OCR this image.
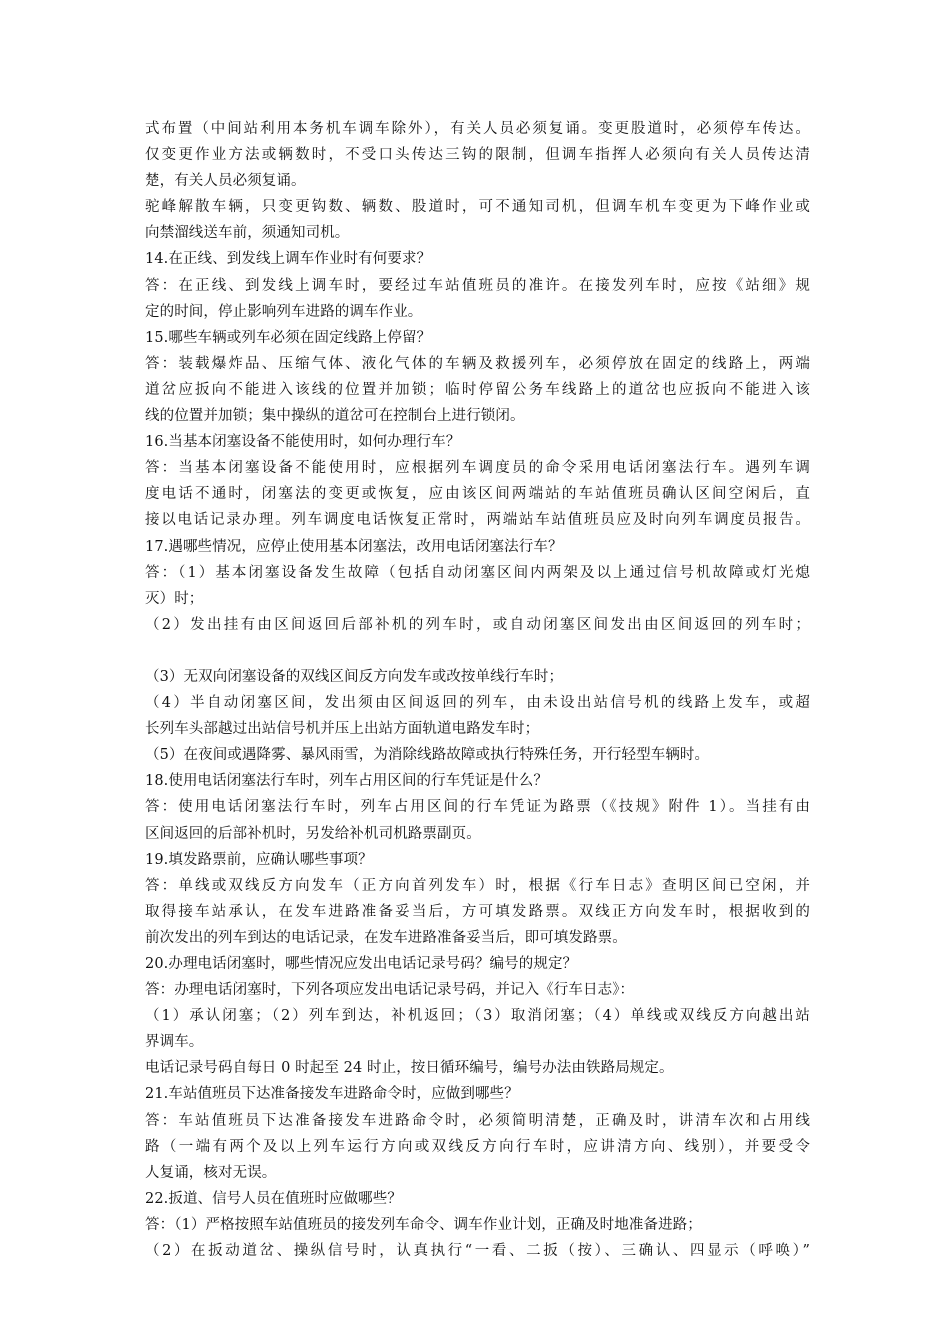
式布置（中间站利用本务机车调车除外），有关人员必须复诵。变更股道时，必须停车传达。
仅变更作业方法或辆数时，不受口头传达三钩的限制，但调车指挥人必须向有关人员传达清
楚，有关人员必须复诵。
驼峰解散车辆，只变更钩数、辆数、股道时，可不通知司机，但调车机车变更为下峰作业或
向禁溜线送车前，须通知司机。
14.在正线、到发线上调车作业时有何要求？
答：在正线、到发线上调车时，要经过车站值班员的准许。在接发列车时，应按《站细》规
定的时间，停止影响列车进路的调车作业。
15.哪些车辆或列车必须在固定线路上停留？
答：装载爆炸品、压缩气体、液化气体的车辆及救援列车，必须停放在固定的线路上，两端
道岔应扳向不能进入该线的位置并加锁；临时停留公务车线路上的道岔也应扳向不能进入该
线的位置并加锁；集中操纵的道岔可在控制台上进行锁闭。
16.当基本闭塞设备不能使用时，如何办理行车？
答：当基本闭塞设备不能使用时，应根据列车调度员的命令采用电话闭塞法行车。遇列车调
度电话不通时，闭塞法的变更或恢复，应由该区间两端站的车站值班员确认区间空闲后，直
接以电话记录办理。列车调度电话恢复正常时，两端站车站值班员应及时向列车调度员报告。
17.遇哪些情况，应停止使用基本闭塞法，改用电话闭塞法行车？
答：（1）基本闭塞设备发生故障（包括自动闭塞区间内两架及以上通过信号机故障或灯光熄
灭）时；
（2）发出挂有由区间返回后部补机的列车时，或自动闭塞区间发出由区间返回的列车时；
（3）无双向闭塞设备的双线区间反方向发车或改按单线行车时；
（4）半自动闭塞区间，发出须由区间返回的列车，由未设出站信号机的线路上发车，或超
长列车头部越过出站信号机并压上出站方面轨道电路发车时；
（5）在夜间或遇降雾、暴风雨雪，为消除线路故障或执行特殊任务，开行轻型车辆时。
18.使用电话闭塞法行车时，列车占用区间的行车凭证是什么？
答：使用电话闭塞法行车时，列车占用区间的行车凭证为路票（《技规》附件 1）。当挂有由
区间返回的后部补机时，另发给补机司机路票副页。
19.填发路票前，应确认哪些事项？
答：单线或双线反方向发车（正方向首列发车）时，根据《行车日志》查明区间已空闲，并
取得接车站承认，在发车进路准备妥当后，方可填发路票。双线正方向发车时，根据收到的
前次发出的列车到达的电话记录，在发车进路准备妥当后，即可填发路票。
20.办理电话闭塞时，哪些情况应发出电话记录号码？编号的规定？
答：办理电话闭塞时，下列各项应发出电话记录号码，并记入《行车日志》：
（1）承认闭塞；（2）列车到达，补机返回；（3）取消闭塞；（4）单线或双线反方向越出站
界调车。
电话记录号码自每日 0 时起至 24 时止，按日循环编号，编号办法由铁路局规定。
21.车站值班员下达准备接发车进路命令时，应做到哪些？
答：车站值班员下达准备接发车进路命令时，必须简明清楚，正确及时，讲清车次和占用线
路（一端有两个及以上列车运行方向或双线反方向行车时，应讲清方向、线别），并要受令
人复诵，核对无误。
22.扳道、信号人员在值班时应做哪些？
答：（1）严格按照车站值班员的接发列车命令、调车作业计划，正确及时地准备进路；
（2）在扳动道岔、操纵信号时，认真执行“一看、二扳（按）、三确认、四显示（呼唤）”
